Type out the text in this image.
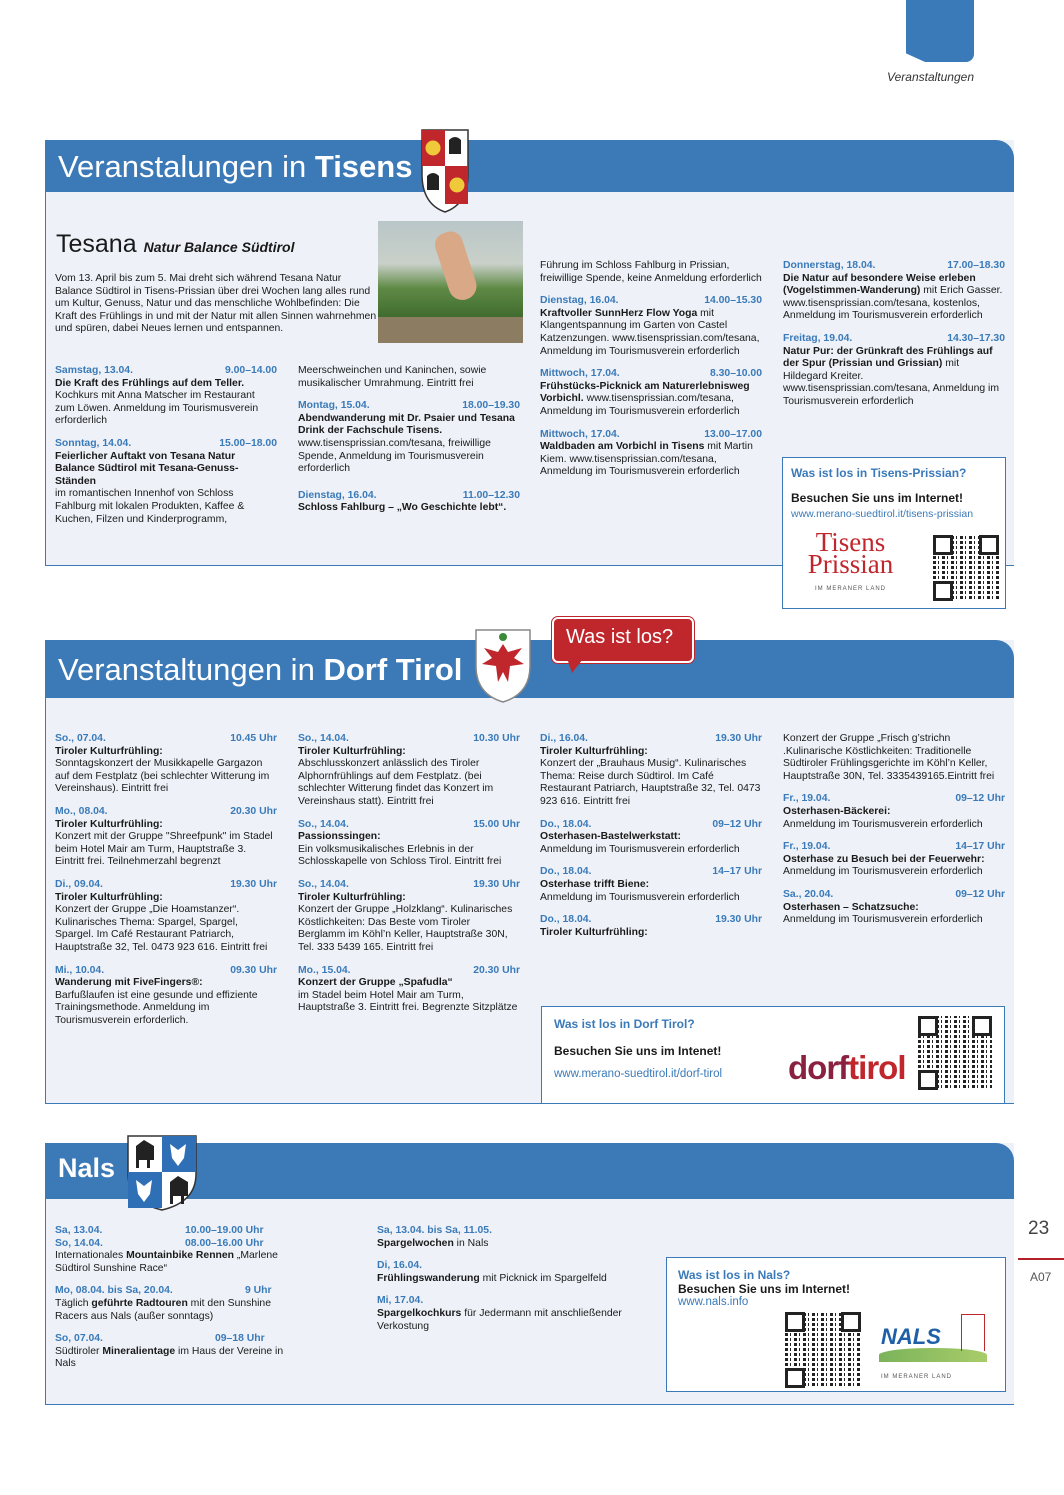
Veranstaltungen
Veranstalungen in Tisens
Tesana Natur Balance Südtirol
Vom 13. April bis zum 5. Mai dreht sich während Tesana Natur Balance Südtirol in Tisens-Prissian über drei Wochen lang alles rund um Kultur, Genuss, Natur und das menschliche Wohlbefinden: Die Kraft des Frühlings in und mit der Natur mit allen Sinnen wahrnehmen und spüren, dabei Neues lernen und entspannen.
Samstag, 13.04.	9.00–14.00
Die Kraft des Frühlings auf dem Teller.
Kochkurs mit Anna Matscher im Restaurant zum Löwen. Anmeldung im Tourismusverein erforderlich
Sonntag, 14.04.	15.00–18.00
Feierlicher Auftakt von Tesana Natur Balance Südtirol mit Tesana-Genuss-Ständen
im romantischen Innenhof von Schloss Fahlburg mit lokalen Produkten, Kaffee & Kuchen, Filzen und Kinderprogramm,
Meerschweinchen und Kaninchen, sowie musikalischer Umrahmung. Eintritt frei
Montag, 15.04.	18.00–19.30
Abendwanderung mit Dr. Psaier und Tesana Drink der Fachschule Tisens.
www.tisensprissian.com/tesana, freiwillige Spende, Anmeldung im Tourismusverein erforderlich
Dienstag, 16.04.	11.00–12.30
Schloss Fahlburg – „Wo Geschichte lebt“.
Führung im Schloss Fahlburg in Prissian, freiwillige Spende, keine Anmeldung erforderlich
Dienstag, 16.04.	14.00–15.30
Kraftvoller SunnHerz Flow Yoga mit Klangentspannung im Garten von Castel Katzenzungen. www.tisensprissian.com/tesana, Anmeldung im Tourismusverein erforderlich
Mittwoch, 17.04.	8.30–10.00
Frühstücks-Picknick am Naturerlebnisweg Vorbichl. www.tisensprissian.com/tesana, Anmeldung im Tourismusverein erforderlich
Mittwoch, 17.04.	13.00–17.00
Waldbaden am Vorbichl in Tisens mit Martin Kiem. www.tisensprissian.com/tesana, Anmeldung im Tourismusverein erforderlich
Donnerstag, 18.04.	17.00–18.30
Die Natur auf besondere Weise erleben (Vogelstimmen-Wanderung) mit Erich Gasser. www.tisensprissian.com/tesana, kostenlos, Anmeldung im Tourismusverein erforderlich
Freitag, 19.04.	14.30–17.30
Natur Pur: der Grünkraft des Frühlings auf der Spur (Prissian und Grissian) mit Hildegard Kreiter. www.tisensprissian.com/tesana, Anmeldung im Tourismusverein erforderlich
Was ist los in Tisens-Prissian?
Besuchen Sie uns im Internet!
www.merano-suedtirol.it/tisens-prissian
Tisens
Prissian
IM MERANER LAND
Veranstaltungen in Dorf Tirol
So., 07.04.	10.45 Uhr
Tiroler Kulturfrühling:
Sonntagskonzert der Musikkapelle Gargazon auf dem Festplatz (bei schlechter Witterung im Vereinshaus). Eintritt frei
Mo., 08.04.	20.30 Uhr
Tiroler Kulturfrühling:
Konzert mit der Gruppe "Shreefpunk" im Stadel beim Hotel Mair am Turm, Hauptstraße 3. Eintritt frei. Teilnehmerzahl begrenzt
Di., 09.04.	19.30 Uhr
Tiroler Kulturfrühling:
Konzert der Gruppe „Die Hoamstanzer“. Kulinarisches Thema: Spargel, Spargel, Spargel. Im Café Restaurant Patriarch, Hauptstraße 32, Tel. 0473 923 616. Eintritt frei
Mi., 10.04.	09.30 Uhr
Wanderung mit FiveFingers®:
Barfußlaufen ist eine gesunde und effiziente Trainingsmethode. Anmeldung im Tourismusverein erforderlich.
So., 14.04.	10.30 Uhr
Tiroler Kulturfrühling:
Abschlusskonzert anlässlich des Tiroler Alphornfrühlings auf dem Festplatz. (bei schlechter Witterung findet das Konzert im Vereinshaus statt). Eintritt frei
So., 14.04.	15.00 Uhr
Passionssingen:
Ein volksmusikalisches Erlebnis in der Schlosskapelle von Schloss Tirol. Eintritt frei
So., 14.04.	19.30 Uhr
Tiroler Kulturfrühling:
Konzert der Gruppe „Holzklang“. Kulinarisches Köstlichkeiten: Das Beste vom Tiroler Berglamm im Köhl’n Keller, Hauptstraße 30N, Tel. 333 5439 165. Eintritt frei
Mo., 15.04.	20.30 Uhr
Konzert der Gruppe „Spafudla“
im Stadel beim Hotel Mair am Turm, Hauptstraße 3. Eintritt frei. Begrenzte Sitzplätze
Di., 16.04.	19.30 Uhr
Tiroler Kulturfrühling:
Konzert der „Brauhaus Musig“. Kulinarisches Thema: Reise durch Südtirol. Im Café Restaurant Patriarch, Hauptstraße 32, Tel. 0473 923 616. Eintritt frei
Do., 18.04.	09–12 Uhr
Osterhasen-Bastelwerkstatt:
Anmeldung im Tourismusverein erforderlich
Do., 18.04.	14–17 Uhr
Osterhase trifft Biene:
Anmeldung im Tourismusverein erforderlich
Do., 18.04.	19.30 Uhr
Tiroler Kulturfrühling:
Konzert der Gruppe „Frisch g’strichn .Kulinarische Köstlichkeiten: Traditionelle Südtiroler Frühlingsgerichte im Köhl’n Keller, Hauptstraße 30N, Tel. 3335439165.Eintritt frei
Fr., 19.04.	09–12 Uhr
Osterhasen-Bäckerei:
Anmeldung im Tourismusverein erforderlich
Fr., 19.04.	14–17 Uhr
Osterhase zu Besuch bei der Feuerwehr:
Anmeldung im Tourismusverein erforderlich
Sa., 20.04.	09–12 Uhr
Osterhasen – Schatzsuche:
Anmeldung im Tourismusverein erforderlich
Was ist los in Dorf Tirol?
Besuchen Sie uns im Intenet!
www.merano-suedtirol.it/dorf-tirol dorftirol
Was ist los?
Nals
Sa, 13.04.	10.00–19.00 Uhr
So, 14.04.	08.00–16.00 Uhr
Internationales Mountainbike Rennen „Marlene Südtirol Sunshine Race“
Mo, 08.04. bis Sa, 20.04.	9 Uhr
Täglich geführte Radtouren mit den Sunshine Racers aus Nals (außer sonntags)
So, 07.04.	09–18 Uhr
Südtiroler Mineralientage im Haus der Vereine in Nals
Sa, 13.04. bis Sa, 11.05.
Spargelwochen in Nals
Di, 16.04.
Frühlingswanderung mit Picknick im Spargelfeld
Mi, 17.04.
Spargelkochkurs für Jedermann mit anschließender Verkostung
Was ist los in Nals?
Besuchen Sie uns im Internet!
www.nals.info
NALS
IM MERANER LAND
23
A07
